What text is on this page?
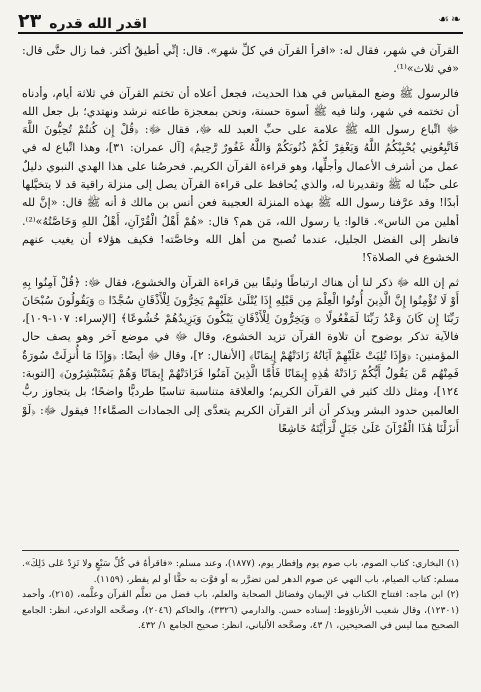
٢٣ اقدر الله قدره	☙❧

القرآن في شهر، فقال له: «اقرأ القرآن في كلِّ شهر». قال: إنِّي أطيقُ أكثر. فما زال حتَّى قال: «في ثلاث»⁽¹⁾.

فالرسول ﷺ وضع المقياس في هذا الحديث، فجعل أعلاه أن تختم القرآن في ثلاثة أيام، وأدناه أن تختمه في شهر، ولنا فيه ﷺ أسوة حسنة، ونحن بمعجزة طاعته نرشد ونهتدي؛ بل جعل الله ﷻ اتِّباع رسول الله ﷺ علامة على حبِّ العبد لله ﷻ، فقال ﷻ: ﴿قُلْ إِن كُنتُمْ تُحِبُّونَ اللَّهَ فَاتَّبِعُونِي يُحْبِبْكُمُ اللَّهُ وَيَغْفِرْ لَكُمْ ذُنُوبَكُمْ وَاللَّهُ غَفُورٌ رَّحِيمٌ﴾ [آل عمران: ٣١]، وهذا اتِّباع له في عمل من أشرف الأعمال وأجلِّها، وهو قراءة القرآن الكريم. فحرصُنا على هذا الهدي النبوي دليلٌ على حبِّنا له ﷺ وتقديرنا له، والذي يُحافظ على قراءة القرآن يصل إلى منزلة راقية قد لا يتخيَّلها أبدًا! وقد عرَّفنا رسول الله ﷺ بهذه المنزلة العجيبة فعن أنس بن مالك ﭬ أنه ﷺ قال: «إنَّ لله أهلين من الناس». قالوا: يا رسول الله، مَن هم؟ قال: «هُمْ أَهْلُ الْقُرْآنِ، أَهْلُ اللهِ وَخَاصَّتُهُ»⁽²⁾. فانظر إلى الفضل الجليل، عندما تُصبح من أهل الله وخاصَّته! فكيف هؤلاء أن يغيب عنهم الخشوع في الصلاة؟!

ثم إن الله ﷻ ذكر لنا أن هناك ارتباطًا وثيقًا بين قراءة القرآن والخشوع، فقال ﷻ: ﴿قُلْ آمِنُوا بِهِ أَوْ لَا تُؤْمِنُوا إِنَّ الَّذِينَ أُوتُوا الْعِلْمَ مِن قَبْلِهِ إِذَا يُتْلَىٰ عَلَيْهِمْ يَخِرُّونَ لِلْأَذْقَانِ سُجَّدًا ۞ وَيَقُولُونَ سُبْحَانَ رَبِّنَا إِن كَانَ وَعْدُ رَبِّنَا لَمَفْعُولًا ۞ وَيَخِرُّونَ لِلْأَذْقَانِ يَبْكُونَ وَيَزِيدُهُمْ خُشُوعًا﴾ [الإسراء: ١٠٧-١٠٩]، فالآية تذكر بوضوح أن تلاوة القرآن تزيد الخشوع، وقال ﷻ في موضع آخر وهو يصف حال المؤمنين: ﴿وَإِذَا تُلِيَتْ عَلَيْهِمْ آيَاتُهُ زَادَتْهُمْ إِيمَانًا﴾ [الأنفال: ٢]، وقال ﷻ أيضًا: ﴿وَإِذَا مَا أُنزِلَتْ سُورَةٌ فَمِنْهُم مَّن يَقُولُ أَيُّكُمْ زَادَتْهُ هَٰذِهِ إِيمَانًا فَأَمَّا الَّذِينَ آمَنُوا فَزَادَتْهُمْ إِيمَانًا وَهُمْ يَسْتَبْشِرُونَ﴾ [التوبة: ١٢٤]، ومثل ذلك كثير في القرآن الكريم؛ والعلاقة متناسبة تناسبًا طرديًّا واضحًا؛ بل يتجاوز ربُّ العالمين حدود البشر ويذكر أن أثر القرآن الكريم يتعدَّى إلى الجمادات الصمَّاء!! فيقول ﷻ: ﴿لَوْ أَنزَلْنَا هَٰذَا الْقُرْآنَ عَلَىٰ جَبَلٍ لَّرَأَيْتَهُ خَاشِعًا

(١) البخاري: كتاب الصوم، باب صوم يوم وإفطار يوم، (١٨٧٧)، وعند مسلم: «فاقرأْهُ في كُلِّ سَبْعٍ ولا تَزِدْ عَلى ذَلِكَ». مسلم: كتاب الصيام، باب النهي عن صوم الدهر لمن تضرَّر به أو فوَّت به حقًّا أو لم يفطر، (١١٥٩).

(٢) ابن ماجه: افتتاح الكتاب في الإيمان وفضائل الصحابة والعلم، باب فضل من تعلَّم القرآن وعلَّمه، (٢١٥)، وأحمد (١٢٣٠١)، وقال شعيب الأرناؤوط: إسناده حسن. والدارمي (٣٣٢٦)، والحاكم (٢٠٤٦)، وصحَّحه الوادعي، انظر: الجامع الصحيح مما ليس في الصحيحين، ١/ ٤٣، وصحَّحه الألباني، انظر: صحيح الجامع ١/ ٤٣٢.
